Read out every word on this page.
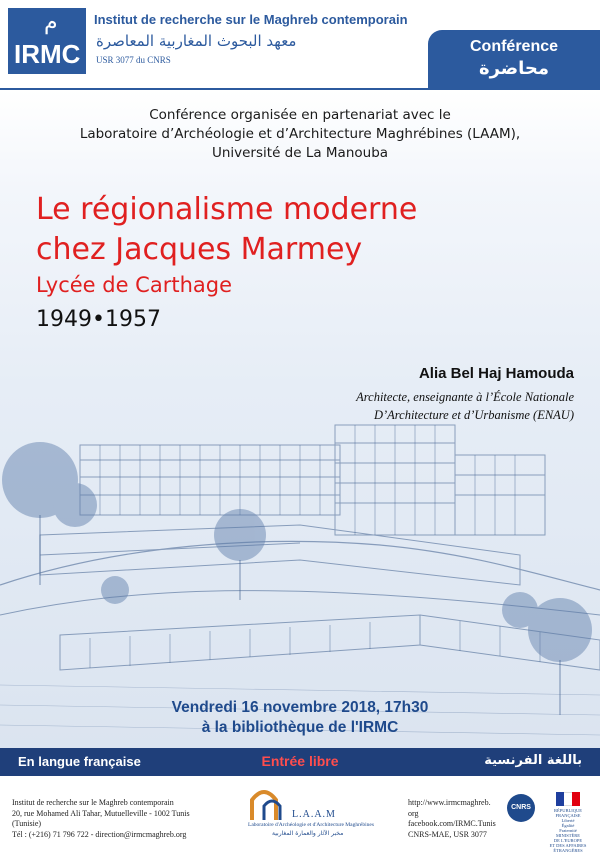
م
IRMC
Institut de recherche sur le Maghreb contemporain
معهد البحوث المغاربية المعاصرة
USR 3077 du CNRS
Conférence
محاضرة
Conférence organisée en partenariat avec le
Laboratoire d’Archéologie et d’Architecture Maghrébines (LAAM),
Université de La Manouba
Le régionalisme moderne
chez Jacques Marmey
Lycée de Carthage
1949•1957
Alia Bel Haj Hamouda
Architecte, enseignante à l’École Nationale
D’Architecture et d’Urbanisme (ENAU)
Vendredi 16 novembre 2018, 17h30
à la bibliothèque de l'IRMC
En langue française	Entrée libre	باللغة الفرنسية
Institut de recherche sur le Maghreb contemporain
20, rue Mohamed Ali Tahar, Mutuelleville - 1002 Tunis
(Tunisie)
Tél : (+216) 71 796 722 - direction@irmcmaghreb.org
L.A.A.M
Laboratoire d'Archéologie et d'Architecture Maghrébines
مخبر الآثار والعمارة المغاربية
http://www.irmcmaghreb.
org
facebook.com/IRMC.Tunis
CNRS-MAE, USR 3077
CNRS	RÉPUBLIQUE FRANÇAISE
Liberté
Égalité
Fraternité
MINISTÈRE
DE L'EUROPE
ET DES AFFAIRES
ÉTRANGÈRES
